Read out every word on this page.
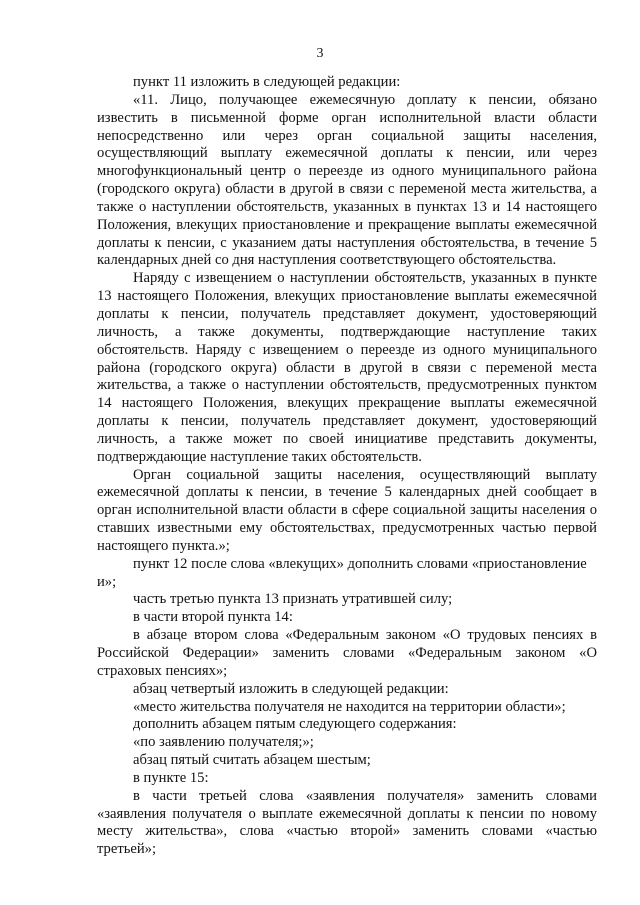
3

пункт 11 изложить в следующей редакции:

«11. Лицо, получающее ежемесячную доплату к пенсии, обязано известить в письменной форме орган исполнительной власти области непосредственно или через орган социальной защиты населения, осуществляющий выплату ежемесячной доплаты к пенсии, или через многофункциональный центр о переезде из одного муниципального района (городского округа) области в другой в связи с переменой места жительства, а также о наступлении обстоятельств, указанных в пунктах 13 и 14 настоящего Положения, влекущих приостановление и прекращение выплаты ежемесячной доплаты к пенсии, с указанием даты наступления обстоятельства, в течение 5 календарных дней со дня наступления соответствующего обстоятельства.

Наряду с извещением о наступлении обстоятельств, указанных в пункте 13 настоящего Положения, влекущих приостановление выплаты ежемесячной доплаты к пенсии, получатель представляет документ, удостоверяющий личность, а также документы, подтверждающие наступление таких обстоятельств. Наряду с извещением о переезде из одного муниципального района (городского округа) области в другой в связи с переменой места жительства, а также о наступлении обстоятельств, предусмотренных пунктом 14 настоящего Положения, влекущих прекращение выплаты ежемесячной доплаты к пенсии, получатель представляет документ, удостоверяющий личность, а также может по своей инициативе представить документы, подтверждающие наступление таких обстоятельств.

Орган социальной защиты населения, осуществляющий выплату ежемесячной доплаты к пенсии, в течение 5 календарных дней сообщает в орган исполнительной власти области в сфере социальной защиты населения о ставших известными ему обстоятельствах, предусмотренных частью первой настоящего пункта.»;

пункт 12 после слова «влекущих» дополнить словами «приостановление и»;

часть третью пункта 13 признать утратившей силу;

в части второй пункта 14:

в абзаце втором слова «Федеральным законом «О трудовых пенсиях в Российской Федерации» заменить словами «Федеральным законом «О страховых пенсиях»;

абзац четвертый изложить в следующей редакции:

«место жительства получателя не находится на территории области»;

дополнить абзацем пятым следующего содержания:

«по заявлению получателя;»;

абзац пятый считать абзацем шестым;

в пункте 15:

в части третьей слова «заявления получателя» заменить словами «заявления получателя о выплате ежемесячной доплаты к пенсии по новому месту жительства», слова «частью второй» заменить словами «частью третьей»;
